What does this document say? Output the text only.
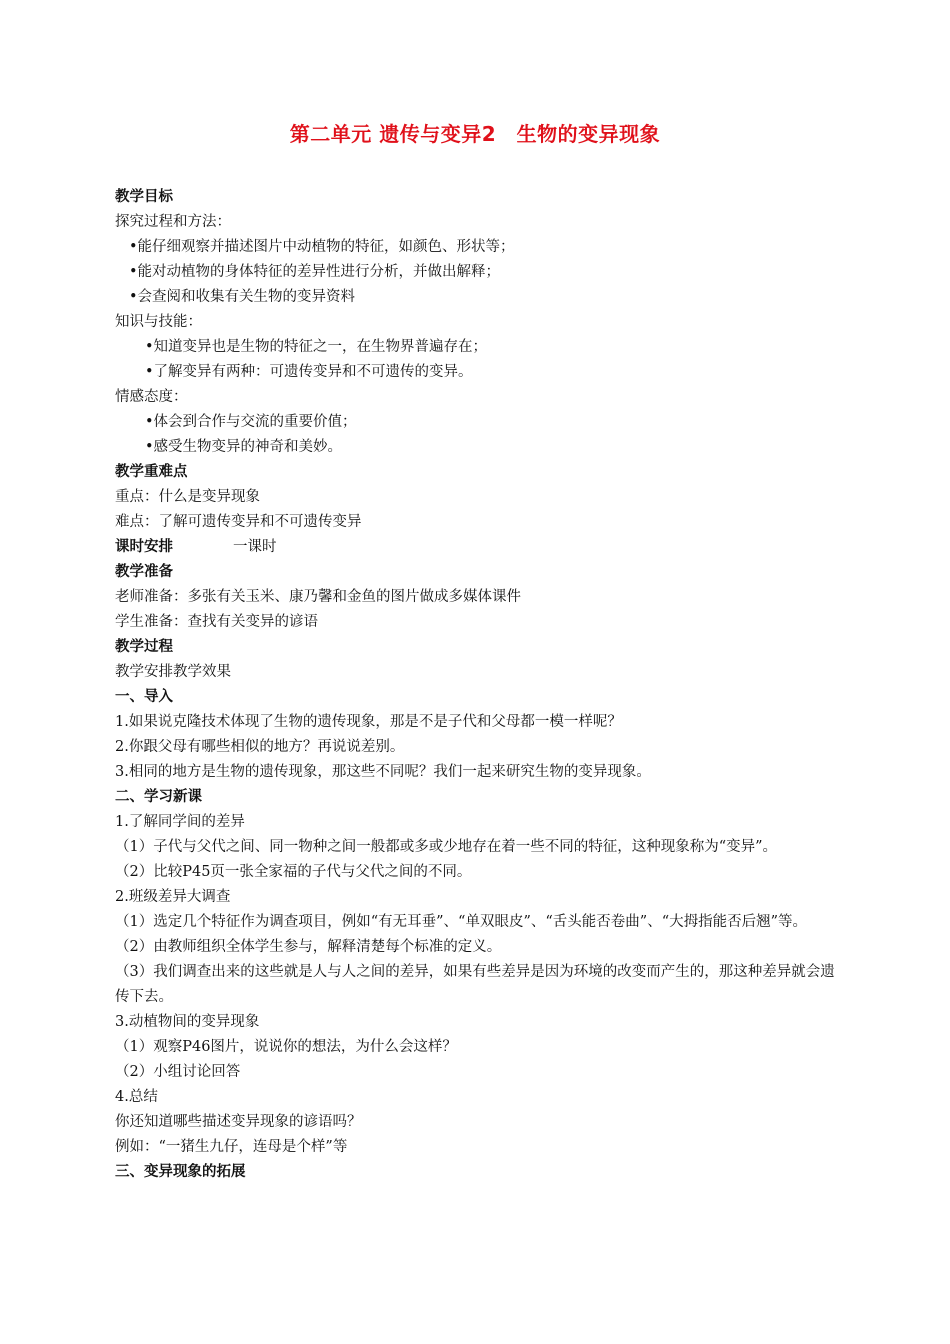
第二单元 遗传与变异2　生物的变异现象
教学目标
探究过程和方法：
•能仔细观察并描述图片中动植物的特征，如颜色、形状等；
•能对动植物的身体特征的差异性进行分析，并做出解释；
•会查阅和收集有关生物的变异资料
知识与技能：
•知道变异也是生物的特征之一，在生物界普遍存在；
•了解变异有两种：可遗传变异和不可遗传的变异。
情感态度：
•体会到合作与交流的重要价值；
•感受生物变异的神奇和美妙。
教学重难点
重点：什么是变异现象
难点：了解可遗传变异和不可遗传变异
课时安排	一课时
教学准备
老师准备：多张有关玉米、康乃馨和金鱼的图片做成多媒体课件
学生准备：查找有关变异的谚语
教学过程
教学安排教学效果
一、导入
1.如果说克隆技术体现了生物的遗传现象，那是不是子代和父母都一模一样呢？
2.你跟父母有哪些相似的地方？再说说差别。
3.相同的地方是生物的遗传现象，那这些不同呢？我们一起来研究生物的变异现象。
二、学习新课
1.了解同学间的差异
（1）子代与父代之间、同一物种之间一般都或多或少地存在着一些不同的特征，这种现象称为“变异”。
（2）比较P45页一张全家福的子代与父代之间的不同。
2.班级差异大调查
（1）选定几个特征作为调查项目，例如“有无耳垂”、“单双眼皮”、“舌头能否卷曲”、“大拇指能否后翘”等。
（2）由教师组织全体学生参与，解释清楚每个标准的定义。
（3）我们调查出来的这些就是人与人之间的差异，如果有些差异是因为环境的改变而产生的，那这种差异就会遗传下去。
3.动植物间的变异现象
（1）观察P46图片，说说你的想法，为什么会这样？
（2）小组讨论回答
4.总结
你还知道哪些描述变异现象的谚语吗？
例如：“一猪生九仔，连母是个样”等
三、变异现象的拓展
